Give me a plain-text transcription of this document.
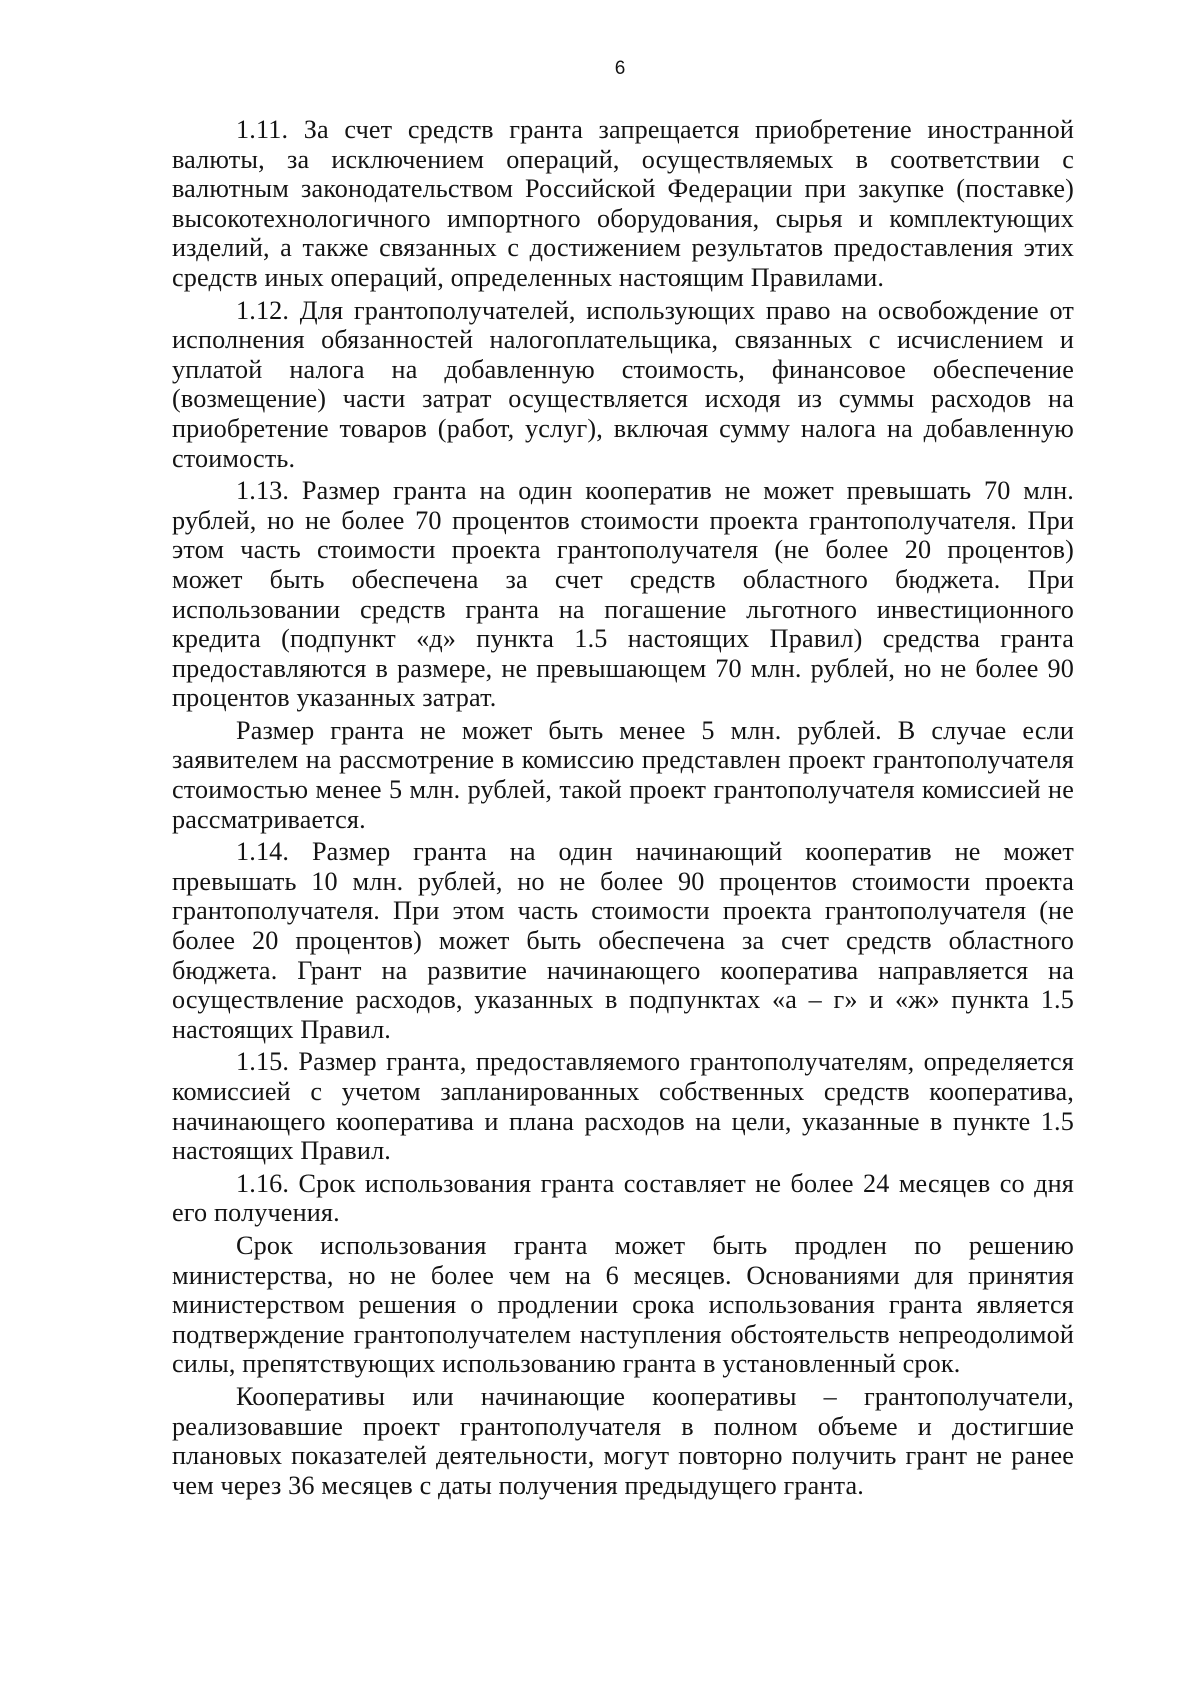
6

1.11. За счет средств гранта запрещается приобретение иностранной валюты, за исключением операций, осуществляемых в соответствии с валютным законодательством Российской Федерации при закупке (поставке) высокотехнологичного импортного оборудования, сырья и комплектующих изделий, а также связанных с достижением результатов предоставления этих средств иных операций, определенных настоящим Правилами.

1.12. Для грантополучателей, использующих право на освобождение от исполнения обязанностей налогоплательщика, связанных с исчислением и уплатой налога на добавленную стоимость, финансовое обеспечение (возмещение) части затрат осуществляется исходя из суммы расходов на приобретение товаров (работ, услуг), включая сумму налога на добавленную стоимость.

1.13. Размер гранта на один кооператив не может превышать 70 млн. рублей, но не более 70 процентов стоимости проекта грантополучателя. При этом часть стоимости проекта грантополучателя (не более 20 процентов) может быть обеспечена за счет средств областного бюджета. При использовании средств гранта на погашение льготного инвестиционного кредита (подпункт «д» пункта 1.5 настоящих Правил) средства гранта предоставляются в размере, не превышающем 70 млн. рублей, но не более 90 процентов указанных затрат.

Размер гранта не может быть менее 5 млн. рублей. В случае если заявителем на рассмотрение в комиссию представлен проект грантополучателя стоимостью менее 5 млн. рублей, такой проект грантополучателя комиссией не рассматривается.

1.14. Размер гранта на один начинающий кооператив не может превышать 10 млн. рублей, но не более 90 процентов стоимости проекта грантополучателя. При этом часть стоимости проекта грантополучателя (не более 20 процентов) может быть обеспечена за счет средств областного бюджета. Грант на развитие начинающего кооператива направляется на осуществление расходов, указанных в подпунктах «а – г» и «ж» пункта 1.5 настоящих Правил.

1.15. Размер гранта, предоставляемого грантополучателям, определяется комиссией с учетом запланированных собственных средств кооператива, начинающего кооператива и плана расходов на цели, указанные в пункте 1.5 настоящих Правил.

1.16. Срок использования гранта составляет не более 24 месяцев со дня его получения.

Срок использования гранта может быть продлен по решению министерства, но не более чем на 6 месяцев. Основаниями для принятия министерством решения о продлении срока использования гранта является подтверждение грантополучателем наступления обстоятельств непреодолимой силы, препятствующих использованию гранта в установленный срок.

Кооперативы или начинающие кооперативы – грантополучатели, реализовавшие проект грантополучателя в полном объеме и достигшие плановых показателей деятельности, могут повторно получить грант не ранее чем через 36 месяцев с даты получения предыдущего гранта.
